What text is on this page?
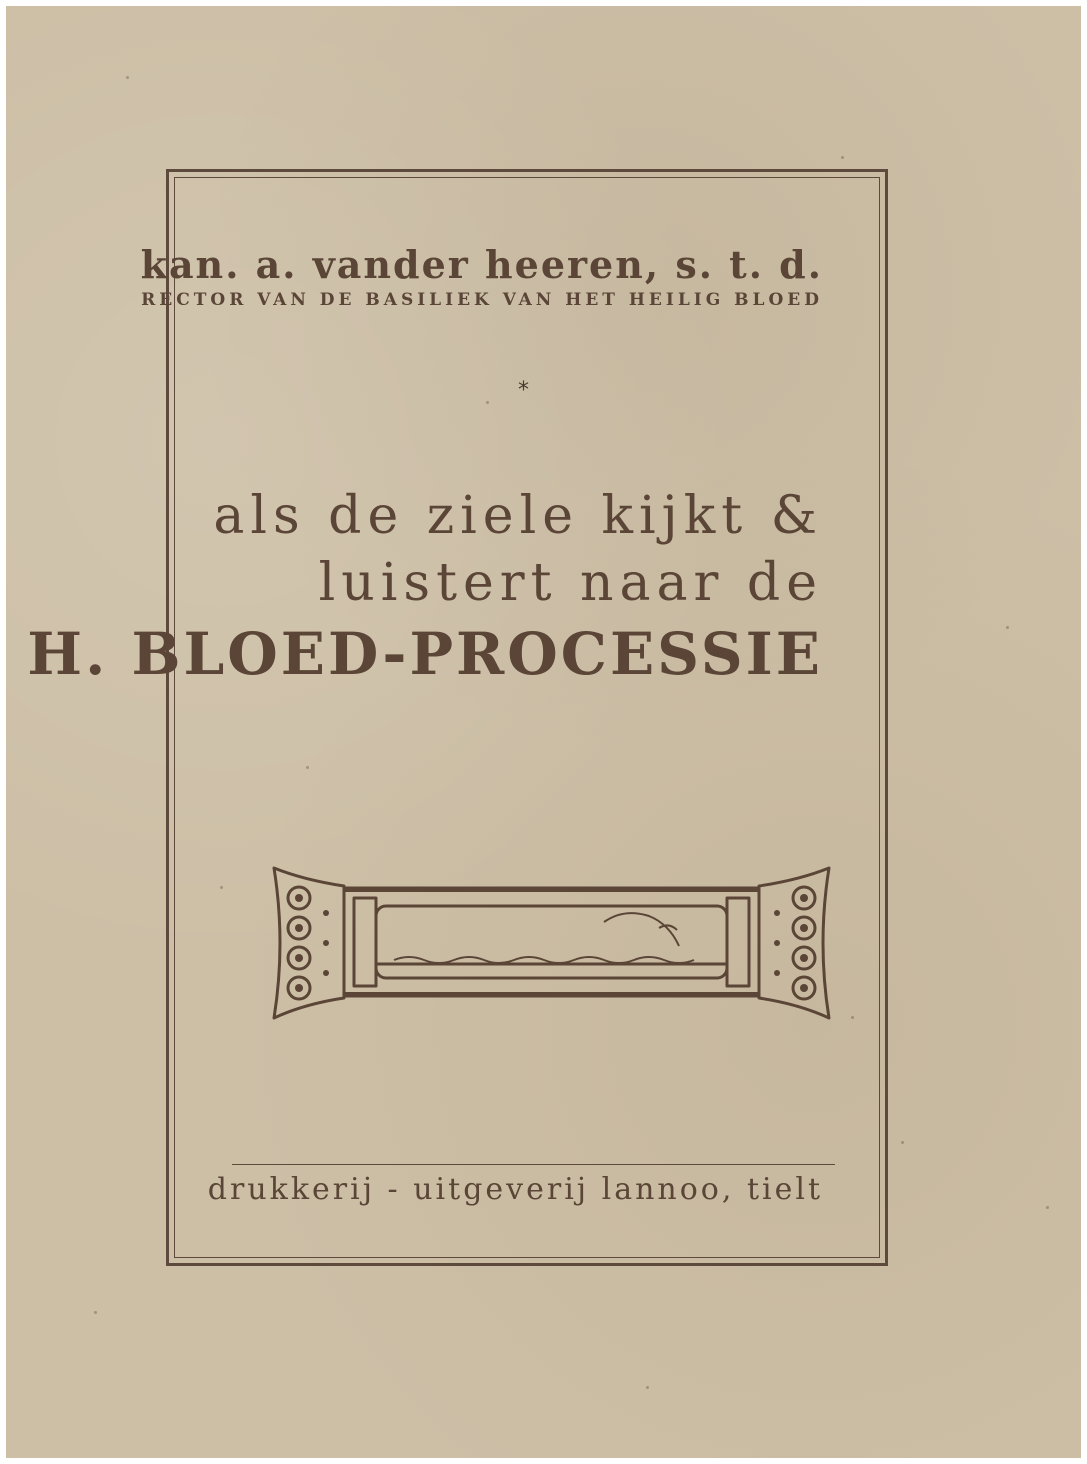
kan. a. vander heeren, s. t. d.
RECTOR VAN DE BASILIEK VAN HET HEILIG BLOED
*
als de ziele kijkt &
luistert naar de
H. BLOED-PROCESSIE
drukkerij - uitgeverij lannoo, tielt
